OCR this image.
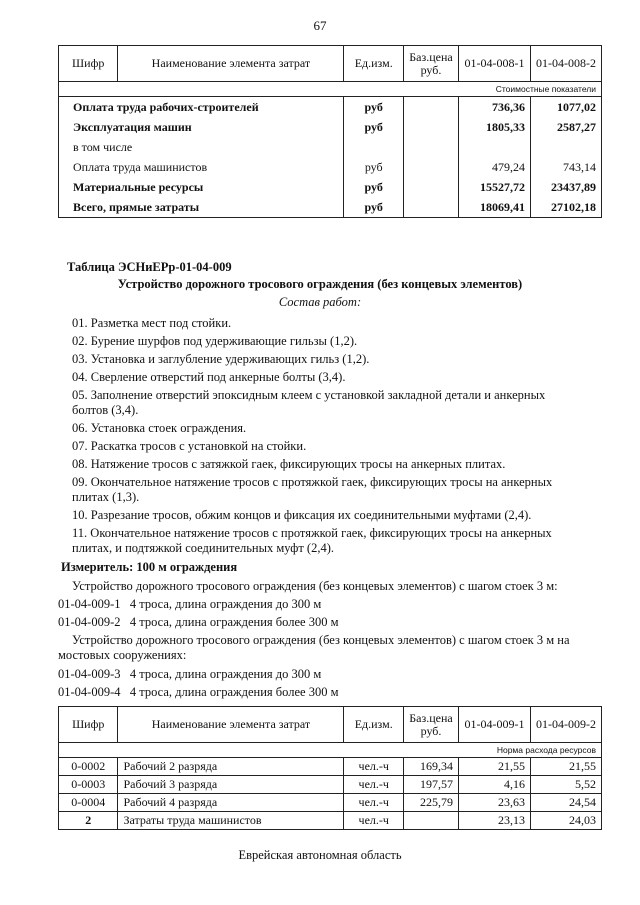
67
Шифр	Наименование элемента затрат	Ед.изм.	Баз.цена руб.	01-04-008-1	01-04-008-2
Стоимостные показатели					
Оплата труда рабочих-строителей		руб		736,36	1077,02
Эксплуатация машин		руб		1805,33	2587,27
в том числе					
Оплата труда машинистов		руб		479,24	743,14
Материальные ресурсы		руб		15527,72	23437,89
Всего, прямые затраты		руб		18069,41	27102,18
Таблица ЭСНиЕРр-01-04-009
Устройство дорожного тросового ограждения (без концевых элементов)
Состав работ:
01. Разметка мест под стойки.
02. Бурение шурфов под удерживающие гильзы (1,2).
03. Установка и заглубление удерживающих гильз (1,2).
04. Сверление отверстий под анкерные болты (3,4).
05. Заполнение отверстий эпоксидным клеем с установкой закладной детали и анкерных
болтов (3,4).
06. Установка стоек ограждения.
07. Раскатка тросов с установкой на стойки.
08. Натяжение тросов с затяжкой гаек, фиксирующих тросы на анкерных плитах.
09. Окончательное натяжение тросов с протяжкой гаек, фиксирующих тросы на анкерных
плитах (1,3).
10. Разрезание тросов, обжим концов и фиксация их соединительными муфтами (2,4).
11. Окончательное натяжение тросов с протяжкой гаек, фиксирующих тросы на анкерных
плитах, и подтяжкой соединительных муфт (2,4).
Измеритель: 100 м ограждения
Устройство дорожного тросового ограждения (без концевых элементов) с шагом стоек 3 м:
01-04-009-1 4 троса, длина ограждения до 300 м
01-04-009-2 4 троса, длина ограждения более 300 м
Устройство дорожного тросового ограждения (без концевых элементов) с шагом стоек 3 м на
мостовых сооружениях:
01-04-009-3 4 троса, длина ограждения до 300 м
01-04-009-4 4 троса, длина ограждения более 300 м
Шифр	Наименование элемента затрат	Ед.изм.	Баз.цена руб.	01-04-009-1	01-04-009-2
Норма расхода ресурсов					
0-0002	Рабочий 2 разряда	чел.-ч	169,34	21,55	21,55
0-0003	Рабочий 3 разряда	чел.-ч	197,57	4,16	5,52
0-0004	Рабочий 4 разряда	чел.-ч	225,79	23,63	24,54
2	Затраты труда машинистов	чел.-ч		23,13	24,03
Еврейская автономная область
